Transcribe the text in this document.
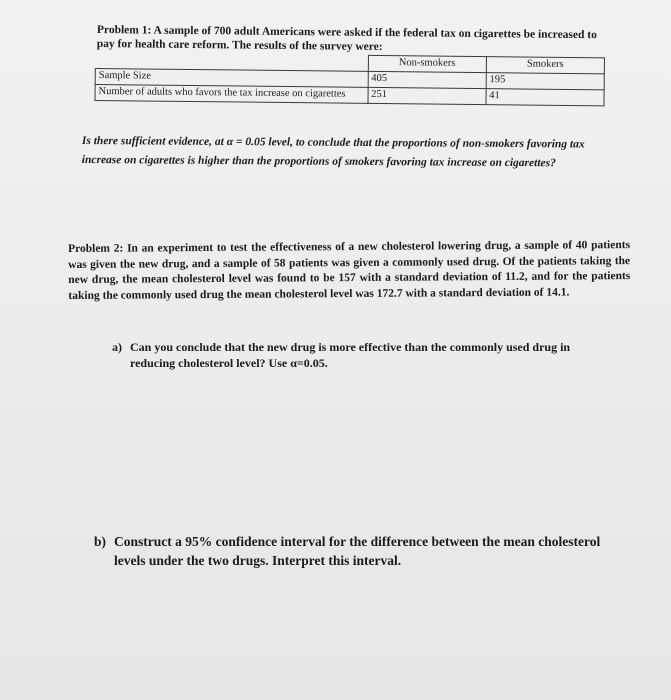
Problem 1: A sample of 700 adult Americans were asked if the federal tax on cigarettes be increased to pay for health care reform. The results of the survey were:
	Non-smokers	Smokers
Sample Size	405	195
Number of adults who favors the tax increase on cigarettes	251	41
Is there sufficient evidence, at α = 0.05 level, to conclude that the proportions of non-smokers favoring tax increase on cigarettes is higher than the proportions of smokers favoring tax increase on cigarettes?
Problem 2: In an experiment to test the effectiveness of a new cholesterol lowering drug, a sample of 40 patients was given the new drug, and a sample of 58 patients was given a commonly used drug. Of the patients taking the new drug, the mean cholesterol level was found to be 157 with a standard deviation of 11.2, and for the patients taking the commonly used drug the mean cholesterol level was 172.7 with a standard deviation of 14.1.
a) Can you conclude that the new drug is more effective than the commonly used drug in reducing cholesterol level? Use α=0.05.
b) Construct a 95% confidence interval for the difference between the mean cholesterol levels under the two drugs. Interpret this interval.
